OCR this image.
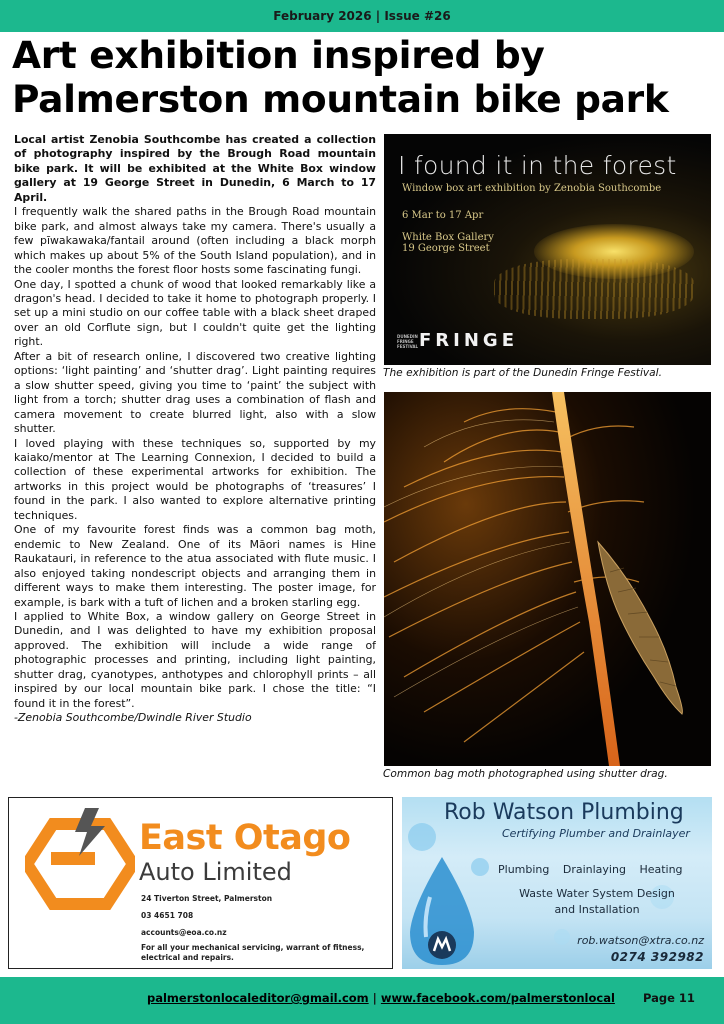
February 2026 | Issue #26
Art exhibition inspired by
Palmerston mountain bike park

Local artist Zenobia Southcombe has created a collection of photography inspired by the Brough Road mountain bike park. It will be exhibited at the White Box window gallery at 19 George Street in Dunedin, 6 March to 17 April.

I frequently walk the shared paths in the Brough Road mountain bike park, and almost always take my camera. There's usually a few pīwakawaka/fantail around (often including a black morph which makes up about 5% of the South Island population), and in the cooler months the forest floor hosts some fascinating fungi.

One day, I spotted a chunk of wood that looked remarkably like a dragon's head. I decided to take it home to photograph properly. I set up a mini studio on our coffee table with a black sheet draped over an old Corflute sign, but I couldn't quite get the lighting right.

After a bit of research online, I discovered two creative lighting options: ‘light painting’ and ‘shutter drag’. Light painting requires a slow shutter speed, giving you time to ‘paint’ the subject with light from a torch; shutter drag uses a combination of flash and camera movement to create blurred light, also with a slow shutter.

I loved playing with these techniques so, supported by my kaiako/mentor at The Learning Connexion, I decided to build a collection of these experimental artworks for exhibition. The artworks in this project would be photographs of ‘treasures’ I found in the park. I also wanted to explore alternative printing techniques.

One of my favourite forest finds was a common bag moth, endemic to New Zealand. One of its Māori names is Hine Raukatauri, in reference to the atua associated with flute music. I also enjoyed taking nondescript objects and arranging them in different ways to make them interesting. The poster image, for example, is bark with a tuft of lichen and a broken starling egg.

I applied to White Box, a window gallery on George Street in Dunedin, and I was delighted to have my exhibition proposal approved. The exhibition will include a wide range of photographic processes and printing, including light painting, shutter drag, cyanotypes, anthotypes and chlorophyll prints – all inspired by our local mountain bike park. I chose the title: “I found it in the forest”.

-Zenobia Southcombe/Dwindle River Studio

I found it in the forest
Window box art exhibition by Zenobia Southcombe
6 Mar to 17 Apr
White Box Gallery
19 George Street
DUNEDIN
FRINGE
FESTIVAL FRINGE
The exhibition is part of the Dunedin Fringe Festival.
Common bag moth photographed using shutter drag.
East Otago
Auto Limited
24 Tiverton Street, Palmerston
03 4651 708
accounts@eoa.co.nz
For all your mechanical servicing, warrant of fitness, electrical and repairs.
Rob Watson Plumbing
Certifying Plumber and Drainlayer
Plumbing Drainlaying Heating
Waste Water System Design and Installation
rob.watson@xtra.co.nz
0274 392982
palmerstonlocaleditor@gmail.com | www.facebook.com/palmerstonlocal Page 11
